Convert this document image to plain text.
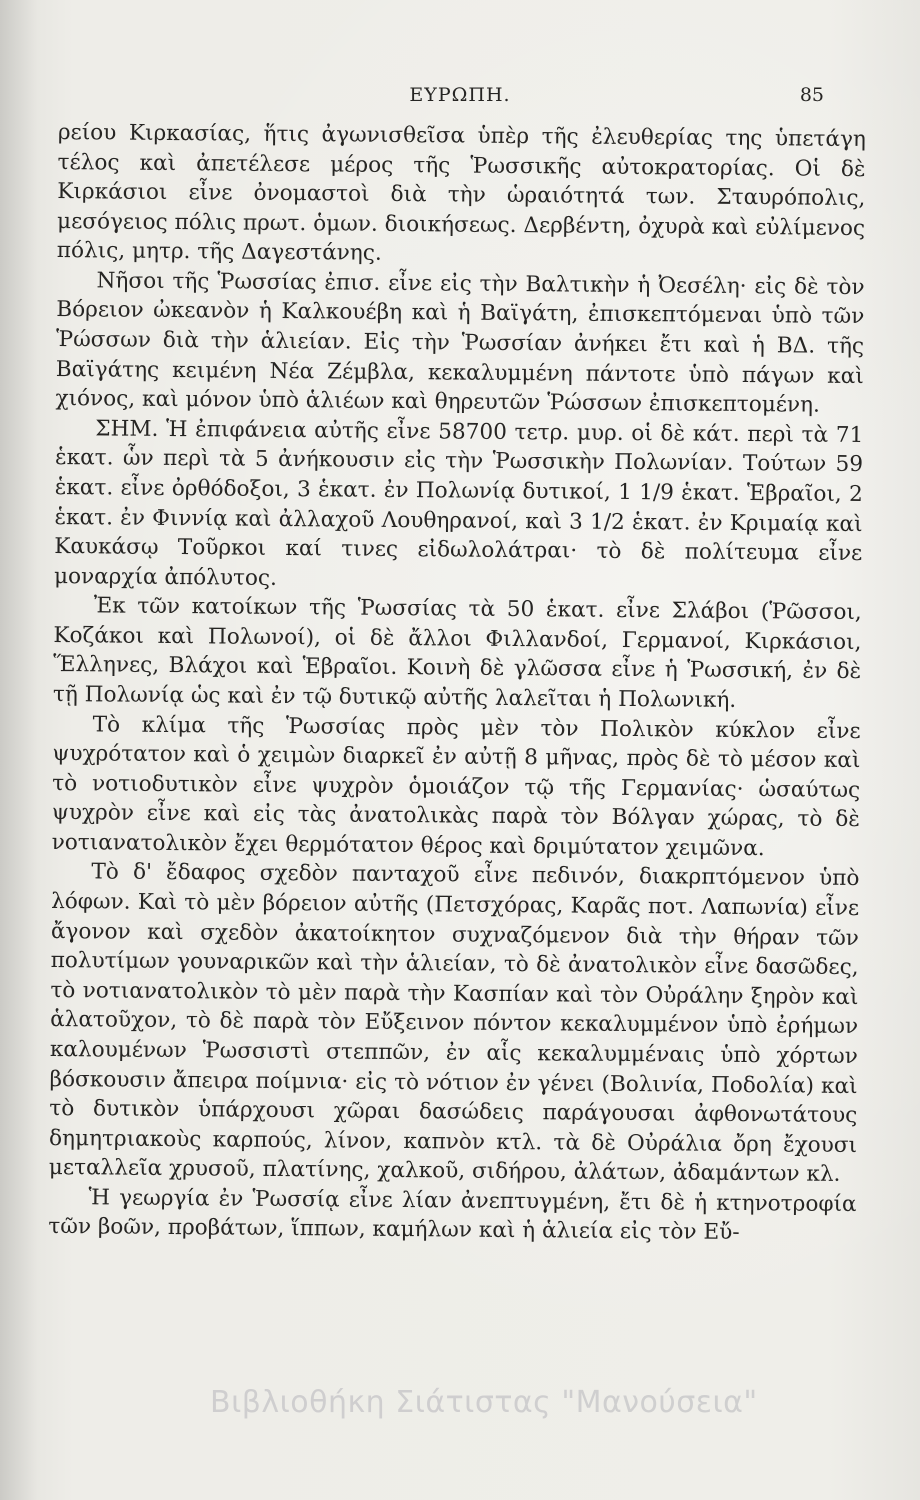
ΕΥΡΩΠΗ.	85

ρείου Κιρκασίας, ἥτις ἀγωνισθεῖσα ὑπὲρ τῆς ἐλευθερίας της ὑπετάγη τέλος καὶ ἀπετέλεσε μέρος τῆς Ῥωσσικῆς αὐτοκρατορίας. Οἱ δὲ Κιρκάσιοι εἶνε ὀνομαστοὶ διὰ τὴν ὡραιότητά των. Σταυρόπολις, μεσόγειος πόλις πρωτ. ὁμων. διοικήσεως. Δερβέντη, ὀχυρὰ καὶ εὐλίμενος πόλις, μητρ. τῆς Δαγεστάνης.

Νῆσοι τῆς Ῥωσσίας ἐπισ. εἶνε εἰς τὴν Βαλτικὴν ἡ Ὀεσέλη· εἰς δὲ τὸν Βόρειον ὠκεανὸν ἡ Καλκουέβη καὶ ἡ Βαϊγάτη, ἐπισκεπτόμεναι ὑπὸ τῶν Ῥώσσων διὰ τὴν ἁλιείαν. Εἰς τὴν Ῥωσσίαν ἀνήκει ἔτι καὶ ἡ ΒΔ. τῆς Βαϊγάτης κειμένη Νέα Ζέμβλα, κεκαλυμμένη πάντοτε ὑπὸ πάγων καὶ χιόνος, καὶ μόνον ὑπὸ ἁλιέων καὶ θηρευτῶν Ῥώσσων ἐπισκεπτομένη.

ΣΗΜ. Ἡ ἐπιφάνεια αὐτῆς εἶνε 58700 τετρ. μυρ. οἱ δὲ κάτ. περὶ τὰ 71 ἑκατ. ὧν περὶ τὰ 5 ἀνήκουσιν εἰς τὴν Ῥωσσικὴν Πολωνίαν. Τούτων 59 ἑκατ. εἶνε ὀρθόδοξοι, 3 ἑκατ. ἐν Πολωνίᾳ δυτικοί, 1 1/9 ἑκατ. Ἑβραῖοι, 2 ἑκατ. ἐν Φιννίᾳ καὶ ἀλλαχοῦ Λουθηρανοί, καὶ 3 1/2 ἑκατ. ἐν Κριμαίᾳ καὶ Καυκάσῳ Τοῦρκοι καί τινες εἰδωλολάτραι· τὸ δὲ πολίτευμα εἶνε μοναρχία ἀπόλυτος.

Ἐκ τῶν κατοίκων τῆς Ῥωσσίας τὰ 50 ἑκατ. εἶνε Σλάβοι (Ῥῶσσοι, Κοζάκοι καὶ Πολωνοί), οἱ δὲ ἄλλοι Φιλλανδοί, Γερμανοί, Κιρκάσιοι, Ἕλληνες, Βλάχοι καὶ Ἑβραῖοι. Κοινὴ δὲ γλῶσσα εἶνε ἡ Ῥωσσική, ἐν δὲ τῇ Πολωνίᾳ ὡς καὶ ἐν τῷ δυτικῷ αὐτῆς λαλεῖται ἡ Πολωνική.

Τὸ κλίμα τῆς Ῥωσσίας πρὸς μὲν τὸν Πολικὸν κύκλον εἶνε ψυχρότατον καὶ ὁ χειμὼν διαρκεῖ ἐν αὐτῇ 8 μῆνας, πρὸς δὲ τὸ μέσον καὶ τὸ νοτιοδυτικὸν εἶνε ψυχρὸν ὁμοιάζον τῷ τῆς Γερμανίας· ὡσαύτως ψυχρὸν εἶνε καὶ εἰς τὰς ἀνατολικὰς παρὰ τὸν Βόλγαν χώρας, τὸ δὲ νοτιανατολικὸν ἔχει θερμότατον θέρος καὶ δριμύτατον χειμῶνα.

Τὸ δ' ἔδαφος σχεδὸν πανταχοῦ εἶνε πεδινόν, διακρπτόμενον ὑπὸ λόφων. Καὶ τὸ μὲν βόρειον αὐτῆς (Πετσχόρας, Καρᾶς ποτ. Λαπωνία) εἶνε ἄγονον καὶ σχεδὸν ἀκατοίκητον συχναζόμενον διὰ τὴν θήραν τῶν πολυτίμων γουναρικῶν καὶ τὴν ἁλιείαν, τὸ δὲ ἀνατολικὸν εἶνε δασῶδες, τὸ νοτιανατολικὸν τὸ μὲν παρὰ τὴν Κασπίαν καὶ τὸν Οὐράλην ξηρὸν καὶ ἁλατοῦχον, τὸ δὲ παρὰ τὸν Εὔξεινον πόντον κεκαλυμμένον ὑπὸ ἐρήμων καλουμένων Ῥωσσιστὶ στεππῶν, ἐν αἷς κεκαλυμμέναις ὑπὸ χόρτων βόσκουσιν ἄπειρα ποίμνια· εἰς τὸ νότιον ἐν γένει (Βολινία, Ποδολία) καὶ τὸ δυτικὸν ὑπάρχουσι χῶραι δασώδεις παράγουσαι ἀφθονωτάτους δημητριακοὺς καρπούς, λίνον, καπνὸν κτλ. τὰ δὲ Οὐράλια ὄρη ἔχουσι μεταλλεῖα χρυσοῦ, πλατίνης, χαλκοῦ, σιδήρου, ἀλάτων, ἀδαμάντων κλ.

Ἡ γεωργία ἐν Ῥωσσίᾳ εἶνε λίαν ἀνεπτυγμένη, ἔτι δὲ ἡ κτηνοτροφία τῶν βοῶν, προβάτων, ἵππων, καμήλων καὶ ἡ ἁλιεία εἰς τὸν Εὔ-

Βιβλιοθήκη Σιάτιστας "Μανούσεια"
